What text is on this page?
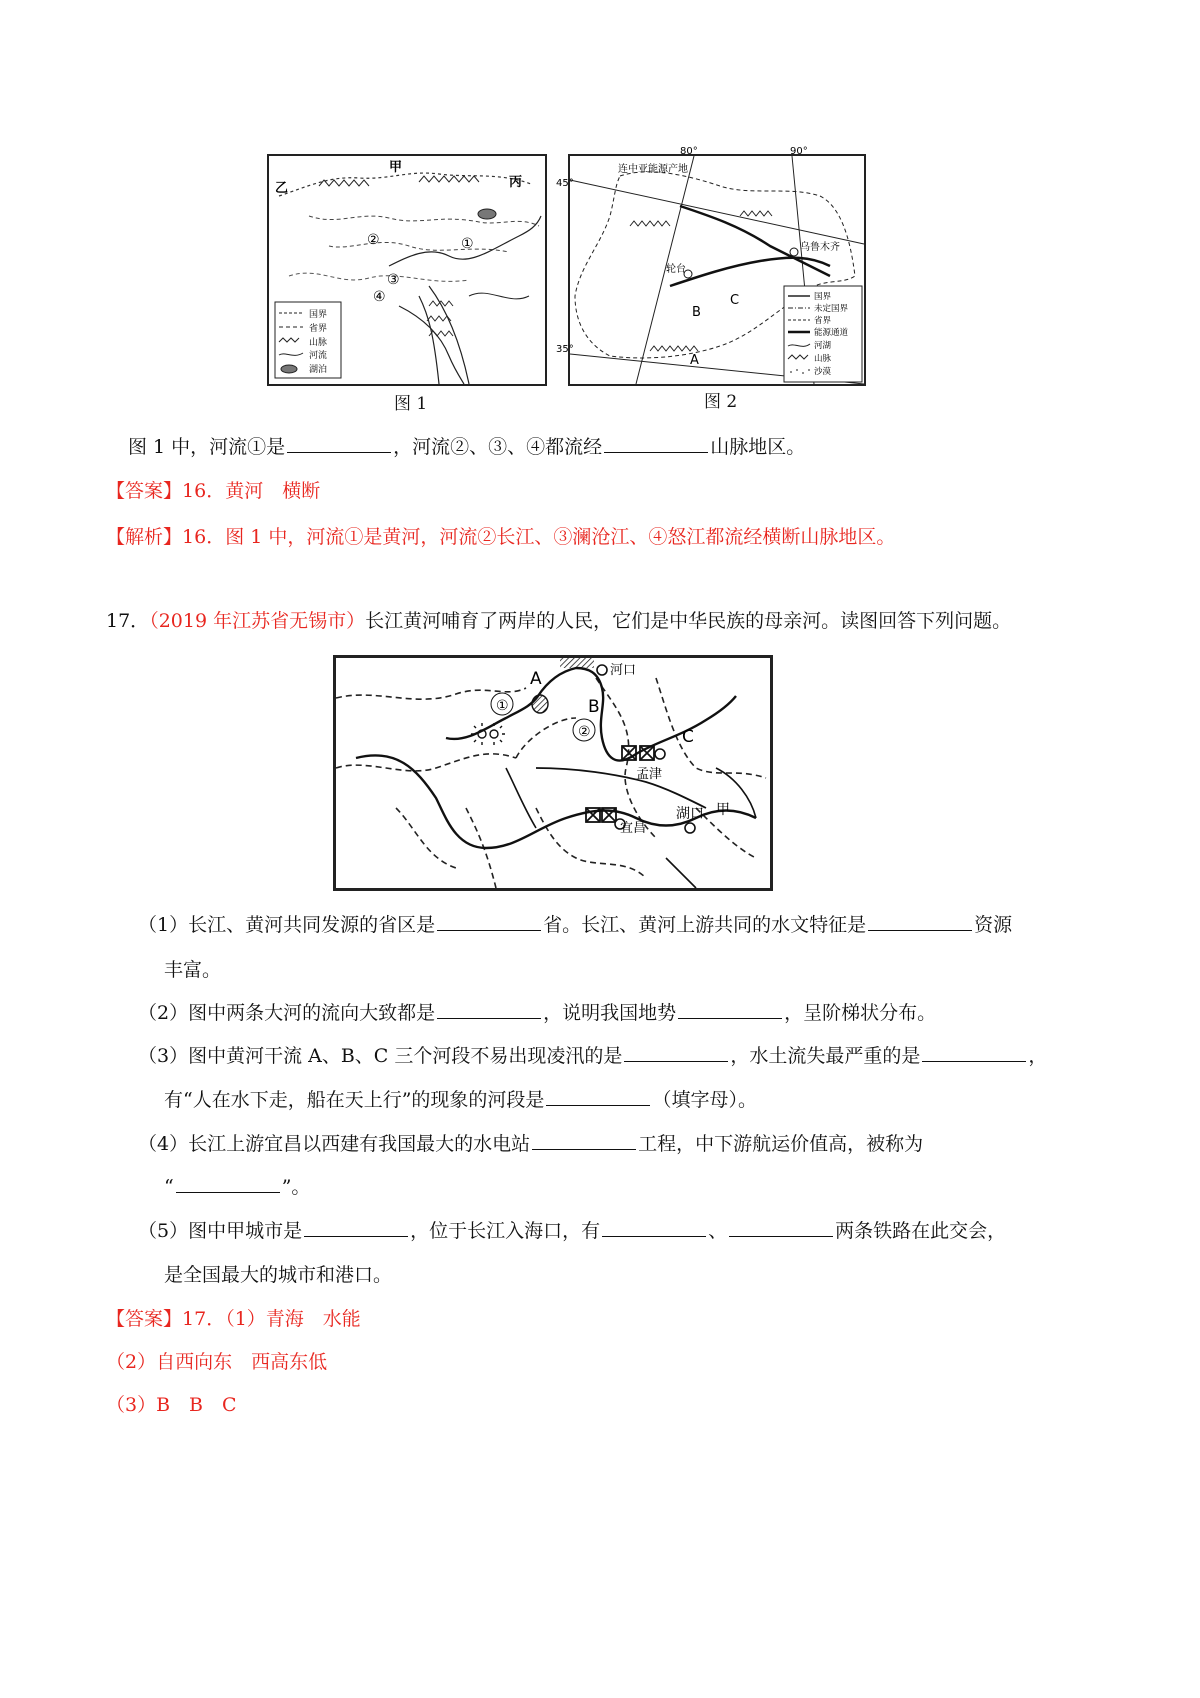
甲
乙	丙
①
②
③
④
国界
省界
山脉
河流
湖泊
图 1
45°
35°
80°	90°
连中亚能源产地
乌鲁木齐
轮台
A
B
C	国界
未定国界
省界
能源通道
河湖
山脉
沙漠
图 2
图 1 中，河流①是	，河流②、③、④都流经	山脉地区。
【答案】16．黄河　横断
【解析】16．图 1 中，河流①是黄河，河流②长江、③澜沧江、④怒江都流经横断山脉地区。
17．（2019 年江苏省无锡市）长江黄河哺育了两岸的人民，它们是中华民族的母亲河。读图回答下列问题。
A
B
C
①
②
河口
孟津
宜昌
湖口 甲
（1）长江、黄河共同发源的省区是	省。长江、黄河上游共同的水文特征是	资源
丰富。
（2）图中两条大河的流向大致都是	，说明我国地势	，呈阶梯状分布。
（3）图中黄河干流 A、B、C 三个河段不易出现凌汛的是	，水土流失最严重的是	，
有“人在水下走，船在天上行”的现象的河段是	（填字母）。
（4）长江上游宜昌以西建有我国最大的水电站	工程，中下游航运价值高，被称为
“	”。
（5）图中甲城市是	，位于长江入海口，有	、	两条铁路在此交会，
是全国最大的城市和港口。
【答案】17．（1）青海　水能
（2）自西向东　西高东低
（3）B　B　C
